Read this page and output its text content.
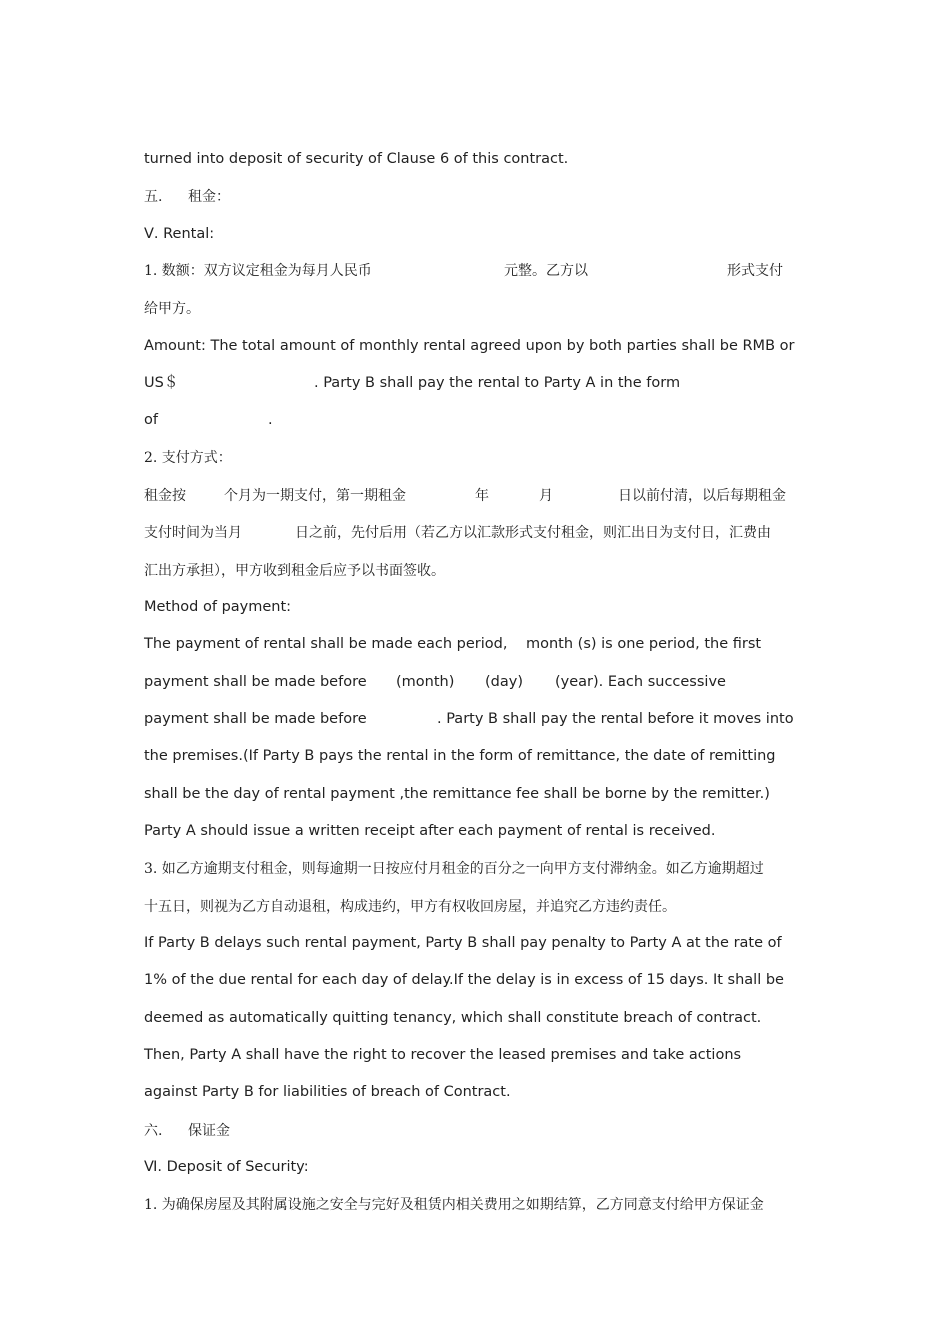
turned into deposit of security of Clause 6 of this contract.
五. 租金：
Ⅴ. Rental:
1. 数额：双方议定租金为每月人民币	元整。乙方以	形式支付
给甲方。
Amount: The total amount of monthly rental agreed upon by both parties shall be RMB or
US＄	. Party B shall pay the rental to Party A in the form
of	.
2. 支付方式：
租金按	个月为一期支付，第一期租金	年	月	日以前付清，以后每期租金
支付时间为当月	日之前，先付后用（若乙方以汇款形式支付租金，则汇出日为支付日，汇费由
汇出方承担），甲方收到租金后应予以书面签收。
Method of payment:
The payment of rental shall be made each period, month (s) is one period, the first
payment shall be made before (month) (day) (year). Each successive
payment shall be made before	. Party B shall pay the rental before it moves into
the premises.(If Party B pays the rental in the form of remittance, the date of remitting
shall be the day of rental payment ,the remittance fee shall be borne by the remitter.)
Party A should issue a written receipt after each payment of rental is received.
3. 如乙方逾期支付租金，则每逾期一日按应付月租金的百分之一向甲方支付滞纳金。如乙方逾期超过
十五日，则视为乙方自动退租，构成违约，甲方有权收回房屋，并追究乙方违约责任。
If Party B delays such rental payment, Party B shall pay penalty to Party A at the rate of
1% of the due rental for each day of delay.If the delay is in excess of 15 days. It shall be
deemed as automatically quitting tenancy, which shall constitute breach of contract.
Then, Party A shall have the right to recover the leased premises and take actions
against Party B for liabilities of breach of Contract.
六. 保证金
Ⅵ. Deposit of Security:
1. 为确保房屋及其附属设施之安全与完好及租赁内相关费用之如期结算，乙方同意支付给甲方保证金
